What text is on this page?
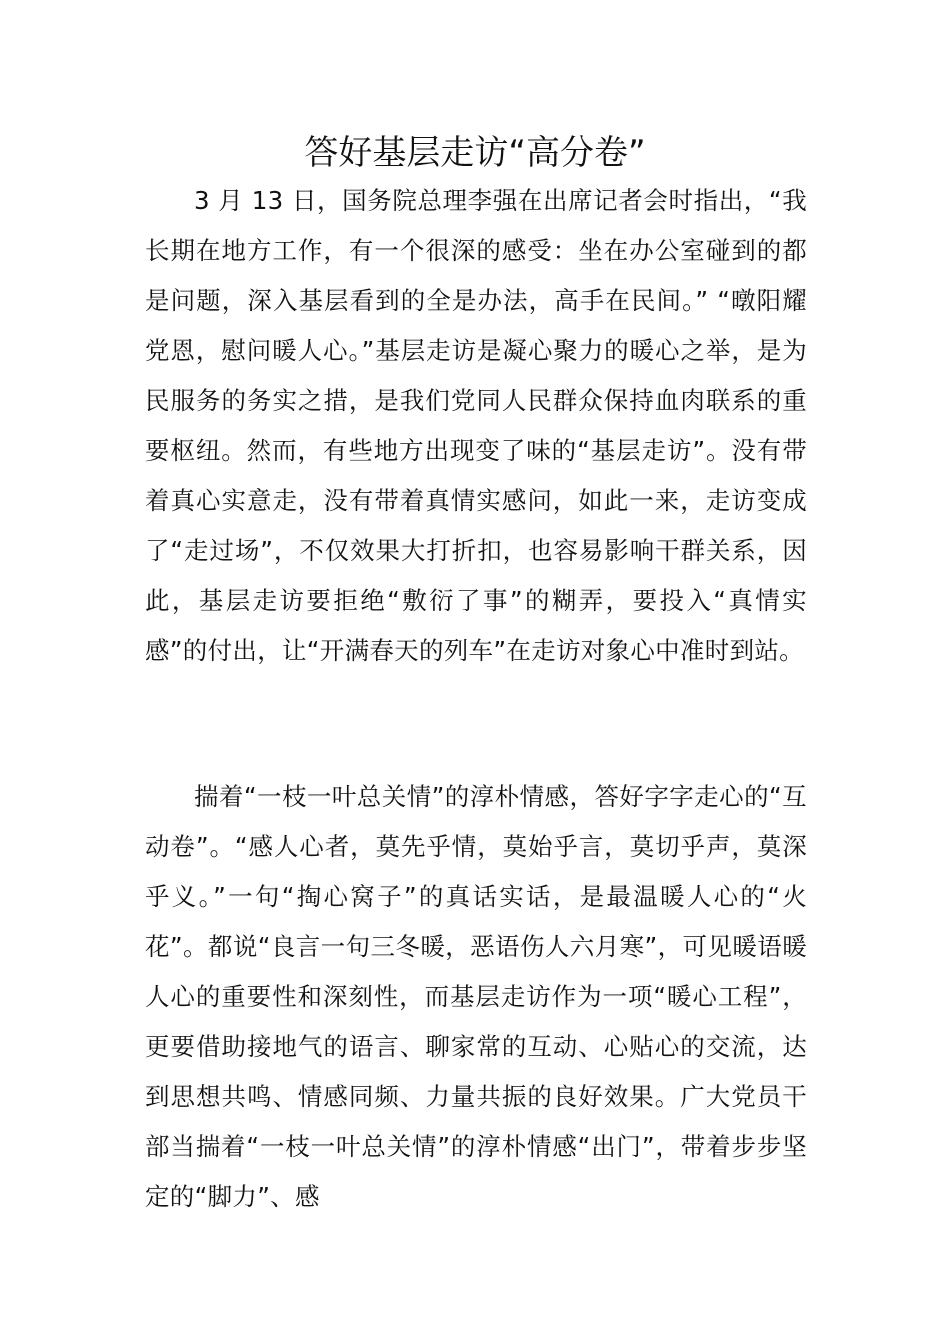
答好基层走访“高分卷”

3 月 13 日，国务院总理李强在出席记者会时指出，“我长期在地方工作，有一个很深的感受：坐在办公室碰到的都是问题，深入基层看到的全是办法，高手在民间。” “暾阳耀党恩，慰问暖人心。”基层走访是凝心聚力的暖心之举，是为民服务的务实之措，是我们党同人民群众保持血肉联系的重要枢纽。然而，有些地方出现变了味的“基层走访”。没有带着真心实意走，没有带着真情实感问，如此一来，走访变成了“走过场”，不仅效果大打折扣，也容易影响干群关系，因此，基层走访要拒绝“敷衍了事”的糊弄，要投入“真情实感”的付出，让“开满春天的列车”在走访对象心中准时到站。

揣着“一枝一叶总关情”的淳朴情感，答好字字走心的“互动卷”。“感人心者，莫先乎情，莫始乎言，莫切乎声，莫深乎义。”一句“掏心窝子”的真话实话，是最温暖人心的“火花”。都说“良言一句三冬暖，恶语伤人六月寒”，可见暖语暖人心的重要性和深刻性，而基层走访作为一项“暖心工程”，更要借助接地气的语言、聊家常的互动、心贴心的交流，达到思想共鸣、情感同频、力量共振的良好效果。广大党员干部当揣着“一枝一叶总关情”的淳朴情感“出门”，带着步步坚定的“脚力”、感
